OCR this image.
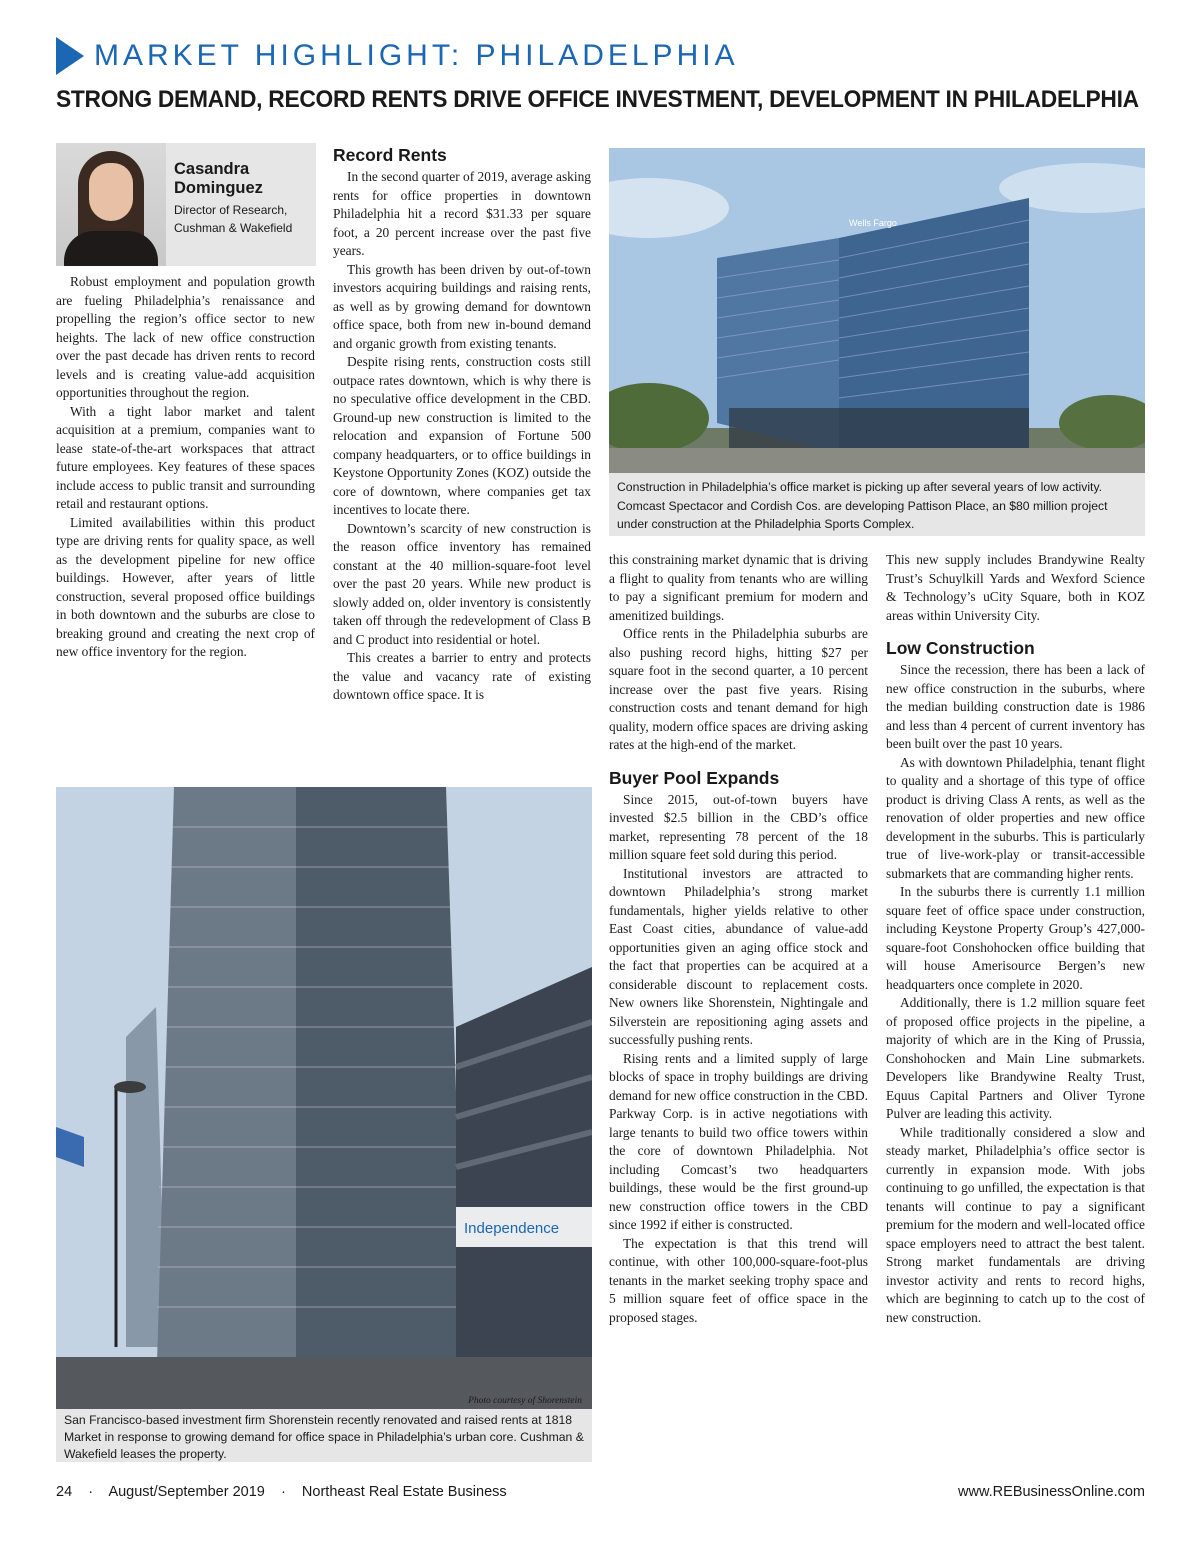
MARKET HIGHLIGHT: PHILADELPHIA
STRONG DEMAND, RECORD RENTS DRIVE OFFICE INVESTMENT, DEVELOPMENT IN PHILADELPHIA
Casandra Dominguez
Director of Research,
Cushman & Wakefield

Robust employment and population growth are fueling Philadelphia’s renaissance and propelling the region’s office sector to new heights. The lack of new office construction over the past decade has driven rents to record levels and is creating value-add acquisition opportunities throughout the region.

With a tight labor market and talent acquisition at a premium, companies want to lease state-of-the-art workspaces that attract future employees. Key features of these spaces include access to public transit and surrounding retail and restaurant options.

Limited availabilities within this product type are driving rents for quality space, as well as the development pipeline for new office buildings. However, after years of little construction, several proposed office buildings in both downtown and the suburbs are close to breaking ground and creating the next crop of new office inventory for the region.

Record Rents

In the second quarter of 2019, average asking rents for office properties in downtown Philadelphia hit a record $31.33 per square foot, a 20 percent increase over the past five years.

This growth has been driven by out-of-town investors acquiring buildings and raising rents, as well as by growing demand for downtown office space, both from new in-bound demand and organic growth from existing tenants.

Despite rising rents, construction costs still outpace rates downtown, which is why there is no speculative office development in the CBD. Ground-up new construction is limited to the relocation and expansion of Fortune 500 company headquarters, or to office buildings in Keystone Opportunity Zones (KOZ) outside the core of downtown, where companies get tax incentives to locate there.

Downtown’s scarcity of new construction is the reason office inventory has remained constant at the 40 million-square-foot level over the past 20 years. While new product is slowly added on, older inventory is consistently taken off through the redevelopment of Class B and C product into residential or hotel.

This creates a barrier to entry and protects the value and vacancy rate of existing downtown office space. It is

Wells Fargo
Construction in Philadelphia’s office market is picking up after several years of low activity. Comcast Spectacor and Cordish Cos. are developing Pattison Place, an $80 million project under construction at the Philadelphia Sports Complex.

this constraining market dynamic that is driving a flight to quality from tenants who are willing to pay a significant premium for modern and amenitized buildings.

Office rents in the Philadelphia suburbs are also pushing record highs, hitting $27 per square foot in the second quarter, a 10 percent increase over the past five years. Rising construction costs and tenant demand for high quality, modern office spaces are driving asking rates at the high-end of the market.

Buyer Pool Expands

Since 2015, out-of-town buyers have invested $2.5 billion in the CBD’s office market, representing 78 percent of the 18 million square feet sold during this period.

Institutional investors are attracted to downtown Philadelphia’s strong market fundamentals, higher yields relative to other East Coast cities, abundance of value-add opportunities given an aging office stock and the fact that properties can be acquired at a considerable discount to replacement costs. New owners like Shorenstein, Nightingale and Silverstein are repositioning aging assets and successfully pushing rents.

Rising rents and a limited supply of large blocks of space in trophy buildings are driving demand for new office construction in the CBD. Parkway Corp. is in active negotiations with large tenants to build two office towers within the core of downtown Philadelphia. Not including Comcast’s two headquarters buildings, these would be the first ground-up new construction office towers in the CBD since 1992 if either is constructed.

The expectation is that this trend will continue, with other 100,000-square-foot-plus tenants in the market seeking trophy space and 5 million square feet of office space in the proposed stages.

This new supply includes Brandywine Realty Trust’s Schuylkill Yards and Wexford Science & Technology’s uCity Square, both in KOZ areas within University City.

Low Construction

Since the recession, there has been a lack of new office construction in the suburbs, where the median building construction date is 1986 and less than 4 percent of current inventory has been built over the past 10 years.

As with downtown Philadelphia, tenant flight to quality and a shortage of this type of office product is driving Class A rents, as well as the renovation of older properties and new office development in the suburbs. This is particularly true of live-work-play or transit-accessible submarkets that are commanding higher rents.

In the suburbs there is currently 1.1 million square feet of office space under construction, including Keystone Property Group’s 427,000-square-foot Conshohocken office building that will house Amerisource Bergen’s new headquarters once complete in 2020.

Additionally, there is 1.2 million square feet of proposed office projects in the pipeline, a majority of which are in the King of Prussia, Conshohocken and Main Line submarkets. Developers like Brandywine Realty Trust, Equus Capital Partners and Oliver Tyrone Pulver are leading this activity.

While traditionally considered a slow and steady market, Philadelphia’s office sector is currently in expansion mode. With jobs continuing to go unfilled, the expectation is that tenants will continue to pay a significant premium for the modern and well-located office space employers need to attract the best talent. Strong market fundamentals are driving investor activity and rents to record highs, which are beginning to catch up to the cost of new construction.

Independence
Photo courtesy of Shorenstein
San Francisco-based investment firm Shorenstein recently renovated and raised rents at 1818 Market in response to growing demand for office space in Philadelphia’s urban core. Cushman & Wakefield leases the property.
24 · August/September 2019 · Northeast Real Estate Business	www.REBusinessOnline.com
